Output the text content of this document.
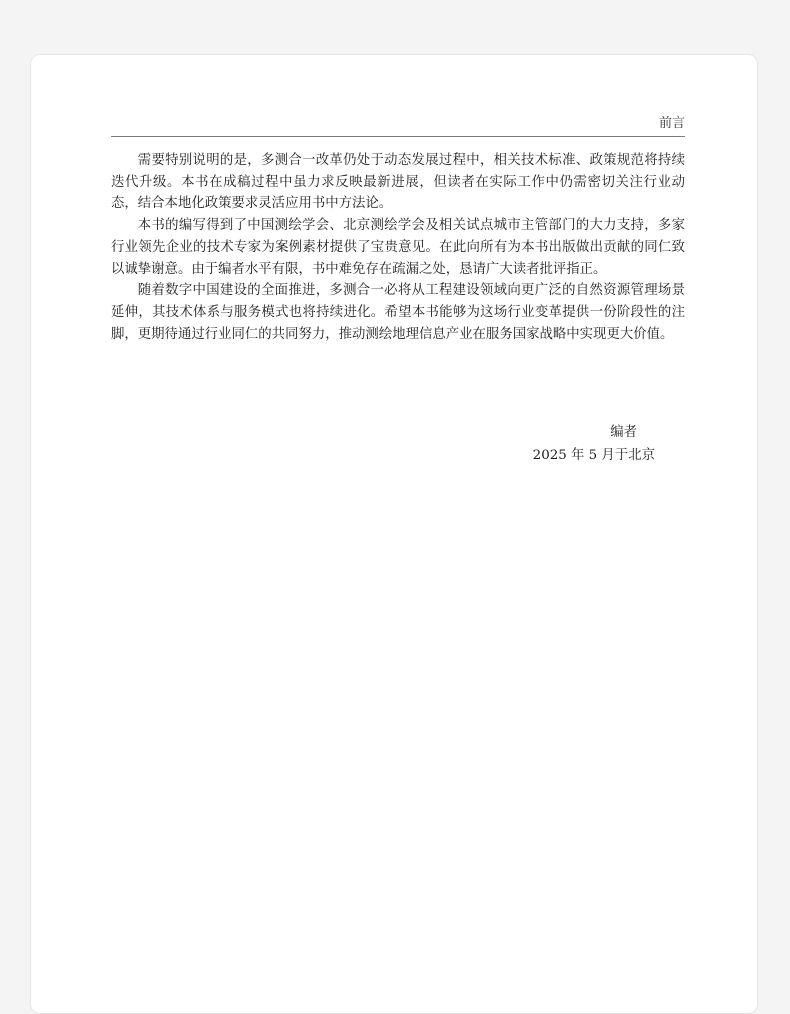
前言

需要特别说明的是，多测合一改革仍处于动态发展过程中，相关技术标准、政策规范将持续迭代升级。本书在成稿过程中虽力求反映最新进展，但读者在实际工作中仍需密切关注行业动态，结合本地化政策要求灵活应用书中方法论。

本书的编写得到了中国测绘学会、北京测绘学会及相关试点城市主管部门的大力支持，多家行业领先企业的技术专家为案例素材提供了宝贵意见。在此向所有为本书出版做出贡献的同仁致以诚挚谢意。由于编者水平有限，书中难免存在疏漏之处，恳请广大读者批评指正。

随着数字中国建设的全面推进，多测合一必将从工程建设领域向更广泛的自然资源管理场景延伸，其技术体系与服务模式也将持续进化。希望本书能够为这场行业变革提供一份阶段性的注脚，更期待通过行业同仁的共同努力，推动测绘地理信息产业在服务国家战略中实现更大价值。

编者
2025 年 5 月于北京
